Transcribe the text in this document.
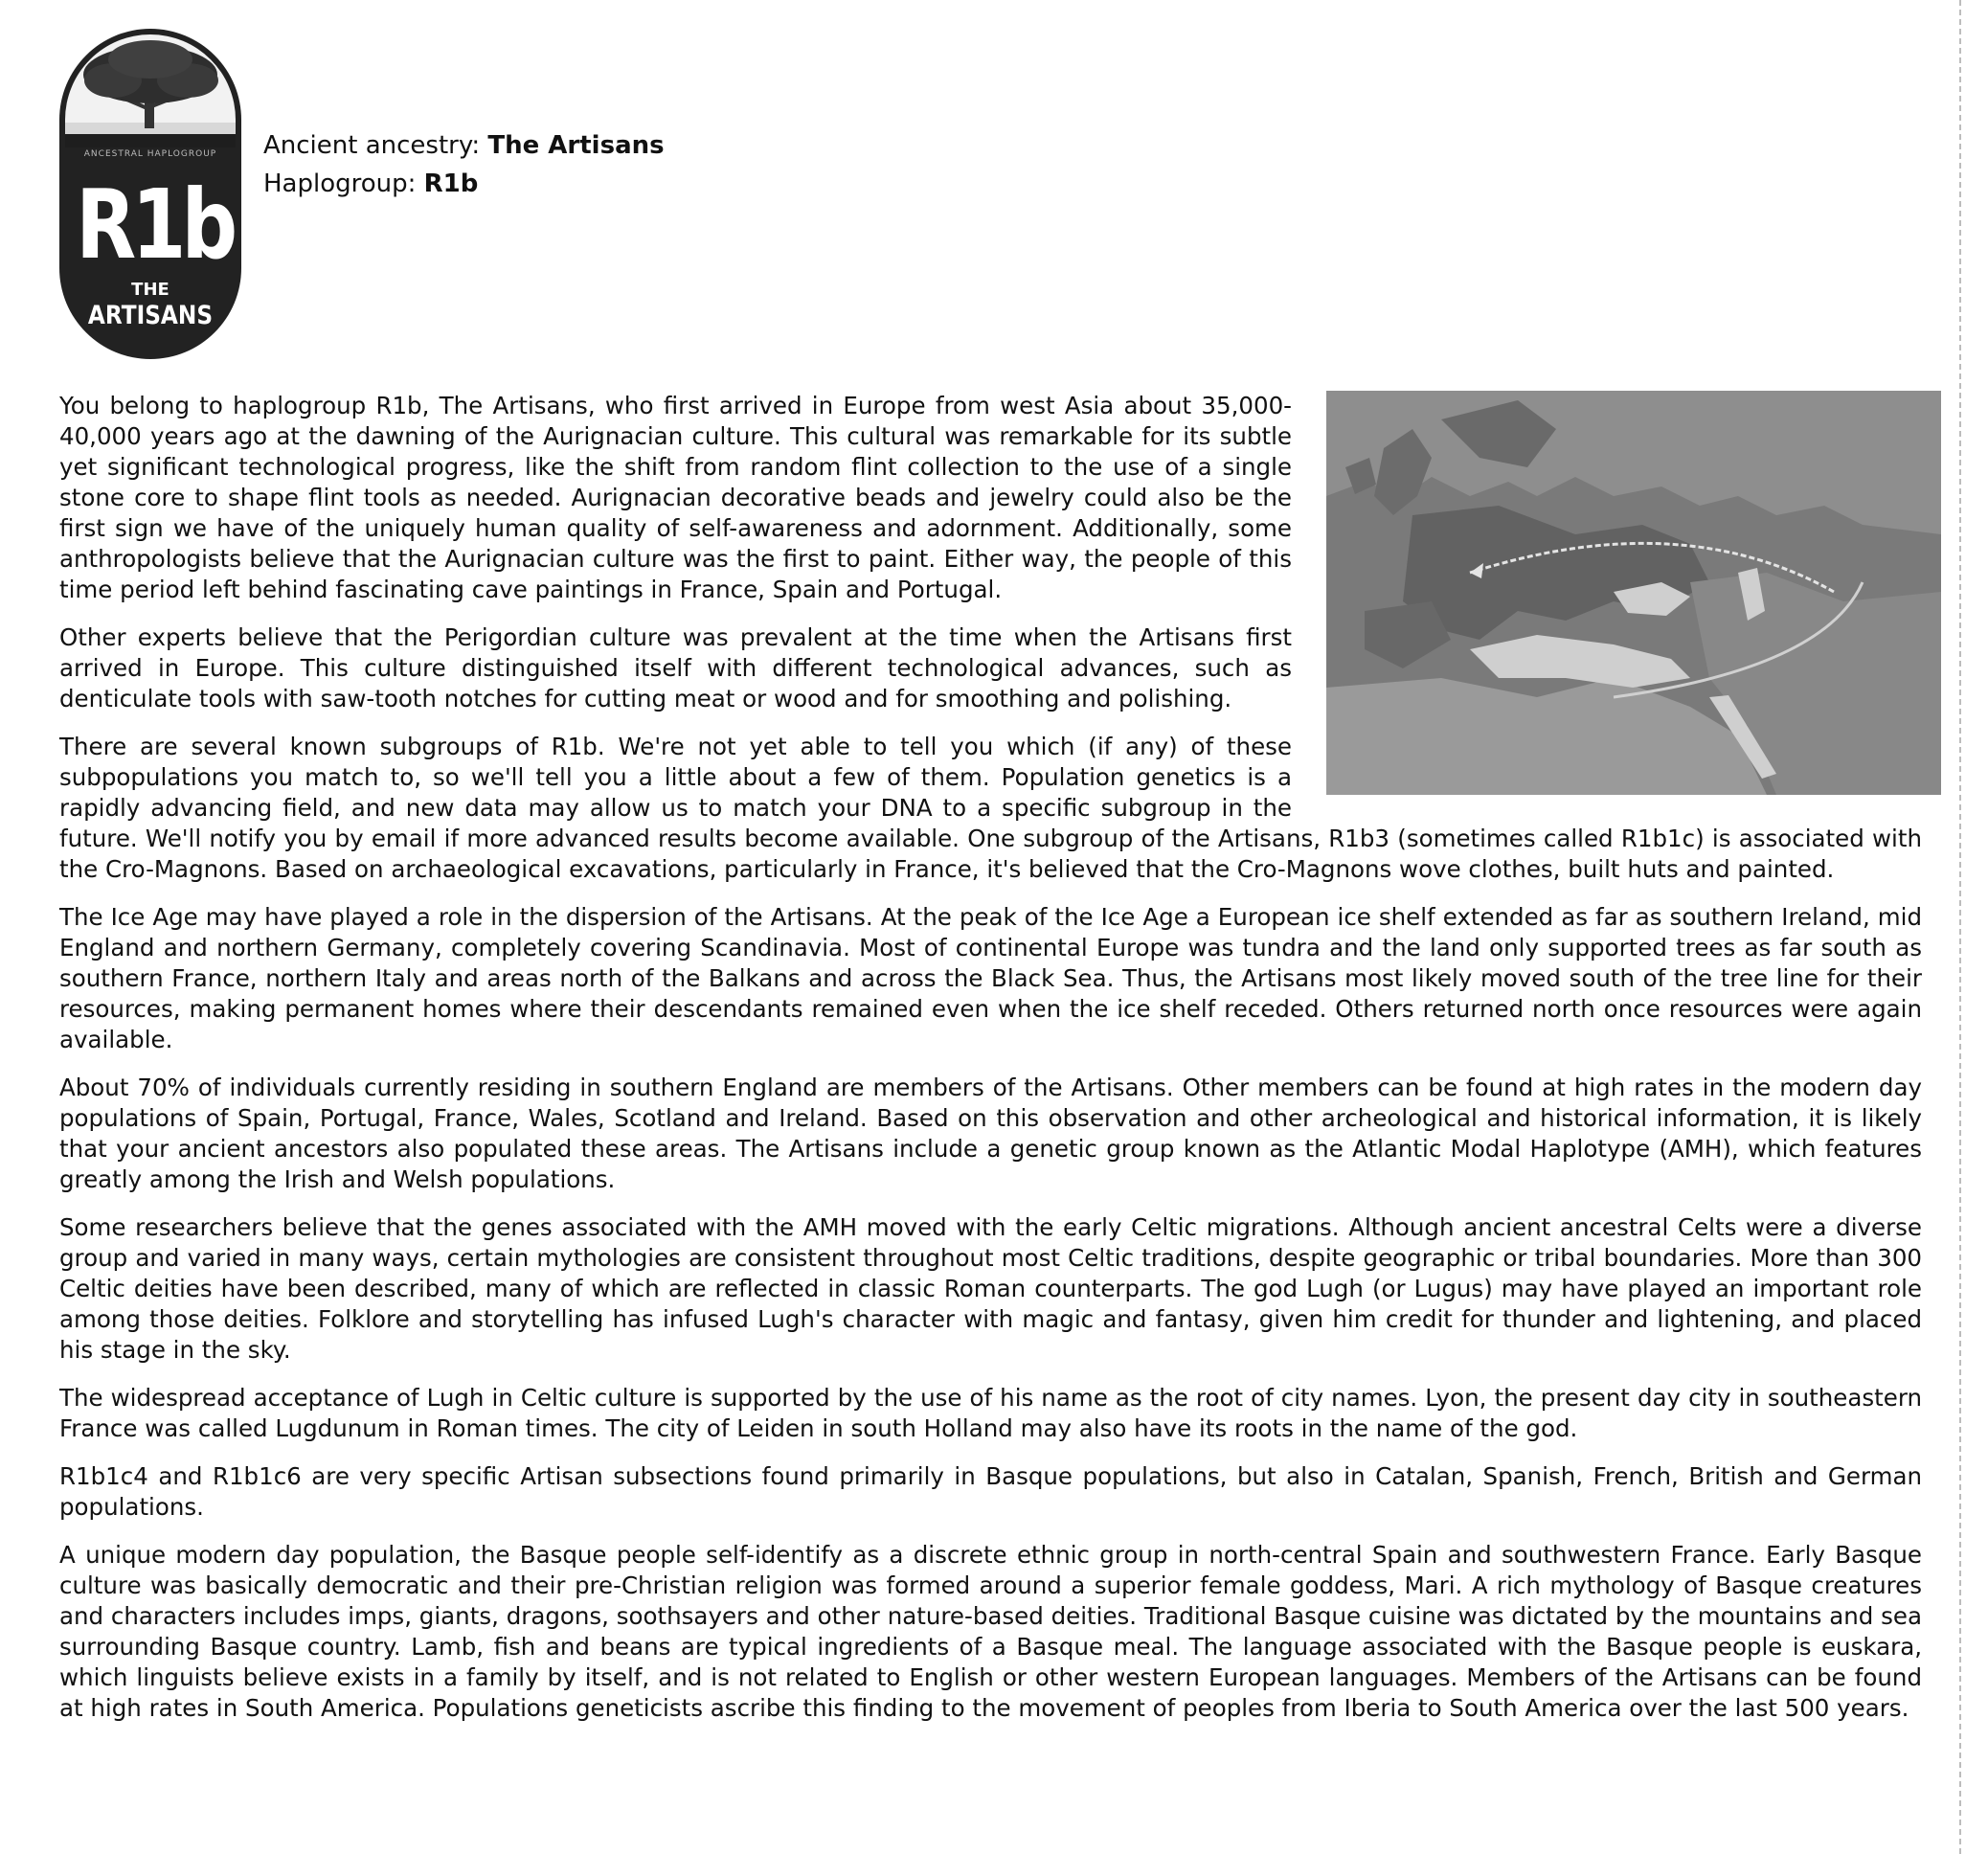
ANCESTRAL HAPLOGROUP
R1b
THE
ARTISANS
Ancient ancestry: The Artisans
Haplogroup: R1b

You belong to haplogroup R1b, The Artisans, who first arrived in Europe from west Asia about 35,000- 40,000 years ago at the dawning of the Aurignacian culture. This cultural was remarkable for its subtle yet significant technological progress, like the shift from random flint collection to the use of a single stone core to shape flint tools as needed. Aurignacian decorative beads and jewelry could also be the first sign we have of the uniquely human quality of self-awareness and adornment. Additionally, some anthropologists believe that the Aurignacian culture was the first to paint. Either way, the people of this time period left behind fascinating cave paintings in France, Spain and Portugal.

Other experts believe that the Perigordian culture was prevalent at the time when the Artisans first arrived in Europe. This culture distinguished itself with different technological advances, such as denticulate tools with saw-tooth notches for cutting meat or wood and for smoothing and polishing.

There are several known subgroups of R1b. We're not yet able to tell you which (if any) of these subpopulations you match to, so we'll tell you a little about a few of them. Population genetics is a rapidly advancing field, and new data may allow us to match your DNA to a specific subgroup in the future. We'll notify you by email if more advanced results become available. One subgroup of the Artisans, R1b3 (sometimes called R1b1c) is associated with the Cro-Magnons. Based on archaeological excavations, particularly in France, it's believed that the Cro-Magnons wove clothes, built huts and painted.

The Ice Age may have played a role in the dispersion of the Artisans. At the peak of the Ice Age a European ice shelf extended as far as southern Ireland, mid England and northern Germany, completely covering Scandinavia. Most of continental Europe was tundra and the land only supported trees as far south as southern France, northern Italy and areas north of the Balkans and across the Black Sea. Thus, the Artisans most likely moved south of the tree line for their resources, making permanent homes where their descendants remained even when the ice shelf receded. Others returned north once resources were again available.

About 70% of individuals currently residing in southern England are members of the Artisans. Other members can be found at high rates in the modern day populations of Spain, Portugal, France, Wales, Scotland and Ireland. Based on this observation and other archeological and historical information, it is likely that your ancient ancestors also populated these areas. The Artisans include a genetic group known as the Atlantic Modal Haplotype (AMH), which features greatly among the Irish and Welsh populations.

Some researchers believe that the genes associated with the AMH moved with the early Celtic migrations. Although ancient ancestral Celts were a diverse group and varied in many ways, certain mythologies are consistent throughout most Celtic traditions, despite geographic or tribal boundaries. More than 300 Celtic deities have been described, many of which are reflected in classic Roman counterparts. The god Lugh (or Lugus) may have played an important role among those deities. Folklore and storytelling has infused Lugh's character with magic and fantasy, given him credit for thunder and lightening, and placed his stage in the sky.

The widespread acceptance of Lugh in Celtic culture is supported by the use of his name as the root of city names. Lyon, the present day city in southeastern France was called Lugdunum in Roman times. The city of Leiden in south Holland may also have its roots in the name of the god.

R1b1c4 and R1b1c6 are very specific Artisan subsections found primarily in Basque populations, but also in Catalan, Spanish, French, British and German populations.

A unique modern day population, the Basque people self-identify as a discrete ethnic group in north-central Spain and southwestern France. Early Basque culture was basically democratic and their pre-Christian religion was formed around a superior female goddess, Mari. A rich mythology of Basque creatures and characters includes imps, giants, dragons, soothsayers and other nature-based deities. Traditional Basque cuisine was dictated by the mountains and sea surrounding Basque country. Lamb, fish and beans are typical ingredients of a Basque meal. The language associated with the Basque people is euskara, which linguists believe exists in a family by itself, and is not related to English or other western European languages. Members of the Artisans can be found at high rates in South America. Populations geneticists ascribe this finding to the movement of peoples from Iberia to South America over the last 500 years.
